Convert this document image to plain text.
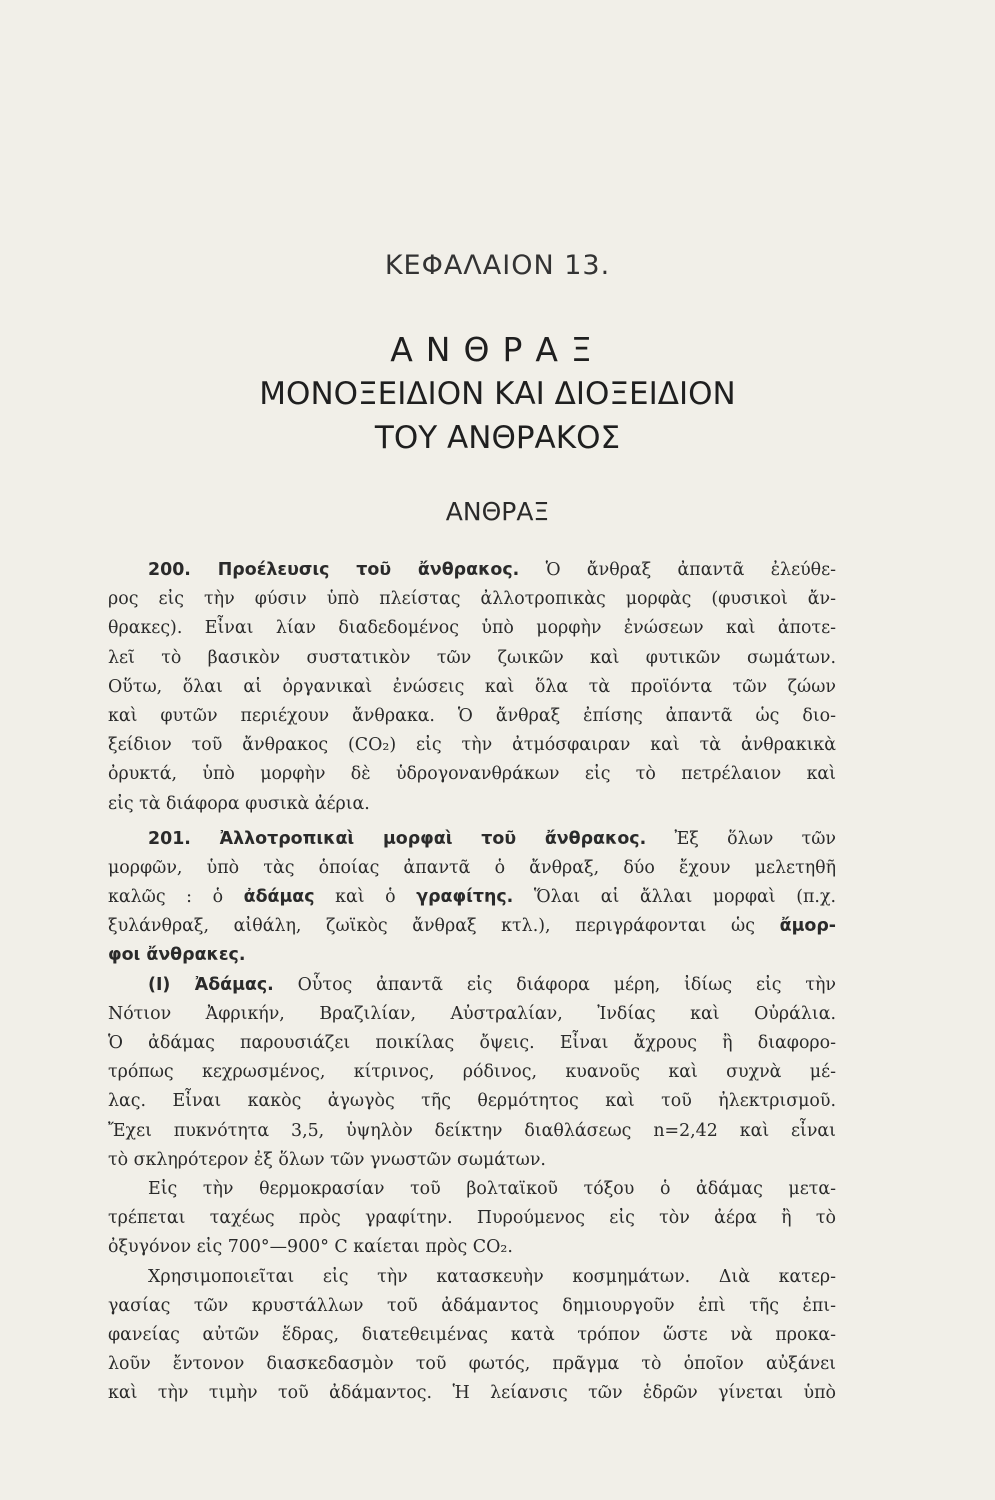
ΚΕΦΑΛΑΙΟΝ 13.
ΑΝΘΡΑΞ
ΜΟΝΟΞΕΙΔΙΟΝ ΚΑΙ ΔΙΟΞΕΙΔΙΟΝ
ΤΟΥ ΑΝΘΡΑΚΟΣ
ΑΝΘΡΑΞ

200. Προέλευσις τοῦ ἄνθρακος. Ὁ ἄνθραξ ἀπαντᾶ ἐλεύθε-
ρος εἰς τὴν φύσιν ὑπὸ πλείστας ἀλλοτροπικὰς μορφὰς (φυσικοὶ ἄν-
θρακες). Εἶναι λίαν διαδεδομένος ὑπὸ μορφὴν ἐνώσεων καὶ ἀποτε-
λεῖ τὸ βασικὸν συστατικὸν τῶν ζωικῶν καὶ φυτικῶν σωμάτων.
Οὕτω, ὅλαι αἱ ὀργανικαὶ ἐνώσεις καὶ ὅλα τὰ προϊόντα τῶν ζώων
καὶ φυτῶν περιέχουν ἄνθρακα. Ὁ ἄνθραξ ἐπίσης ἀπαντᾶ ὡς διο-
ξείδιον τοῦ ἄνθρακος (CO₂) εἰς τὴν ἀτμόσφαιραν καὶ τὰ ἀνθρακικὰ
ὀρυκτά, ὑπὸ μορφὴν δὲ ὑδρογονανθράκων εἰς τὸ πετρέλαιον καὶ
εἰς τὰ διάφορα φυσικὰ ἀέρια.

201. Ἀλλοτροπικαὶ μορφαὶ τοῦ ἄνθρακος. Ἐξ ὅλων τῶν
μορφῶν, ὑπὸ τὰς ὁποίας ἀπαντᾶ ὁ ἄνθραξ, δύο ἔχουν μελετηθῆ
καλῶς : ὁ ἀδάμας καὶ ὁ γραφίτης. Ὅλαι αἱ ἄλλαι μορφαὶ (π.χ.
ξυλάνθραξ, αἰθάλη, ζωϊκὸς ἄνθραξ κτλ.), περιγράφονται ὡς ἄμορ-
φοι ἄνθρακες.

(I) Ἀδάμας. Οὗτος ἀπαντᾶ εἰς διάφορα μέρη, ἰδίως εἰς τὴν
Νότιον Ἀφρικήν, Βραζιλίαν, Αὐστραλίαν, Ἰνδίας καὶ Οὐράλια.
Ὁ ἀδάμας παρουσιάζει ποικίλας ὄψεις. Εἶναι ἄχρους ἢ διαφορο-
τρόπως κεχρωσμένος, κίτρινος, ρόδινος, κυανοῦς καὶ συχνὰ μέ-
λας. Εἶναι κακὸς ἀγωγὸς τῆς θερμότητος καὶ τοῦ ἠλεκτρισμοῦ.
Ἔχει πυκνότητα 3,5, ὑψηλὸν δείκτην διαθλάσεως n=2,42 καὶ εἶναι
τὸ σκληρότερον ἐξ ὅλων τῶν γνωστῶν σωμάτων.

Εἰς τὴν θερμοκρασίαν τοῦ βολταϊκοῦ τόξου ὁ ἀδάμας μετα-
τρέπεται ταχέως πρὸς γραφίτην. Πυρούμενος εἰς τὸν ἀέρα ἢ τὸ
ὀξυγόνον εἰς 700°—900° C καίεται πρὸς CO₂.

Χρησιμοποιεῖται εἰς τὴν κατασκευὴν κοσμημάτων. Διὰ κατερ-
γασίας τῶν κρυστάλλων τοῦ ἀδάμαντος δημιουργοῦν ἐπὶ τῆς ἐπι-
φανείας αὐτῶν ἕδρας, διατεθειμένας κατὰ τρόπον ὥστε νὰ προκα-
λοῦν ἔντονον διασκεδασμὸν τοῦ φωτός, πρᾶγμα τὸ ὁποῖον αὐξάνει
καὶ τὴν τιμὴν τοῦ ἀδάμαντος. Ἡ λείανσις τῶν ἑδρῶν γίνεται ὑπὸ
